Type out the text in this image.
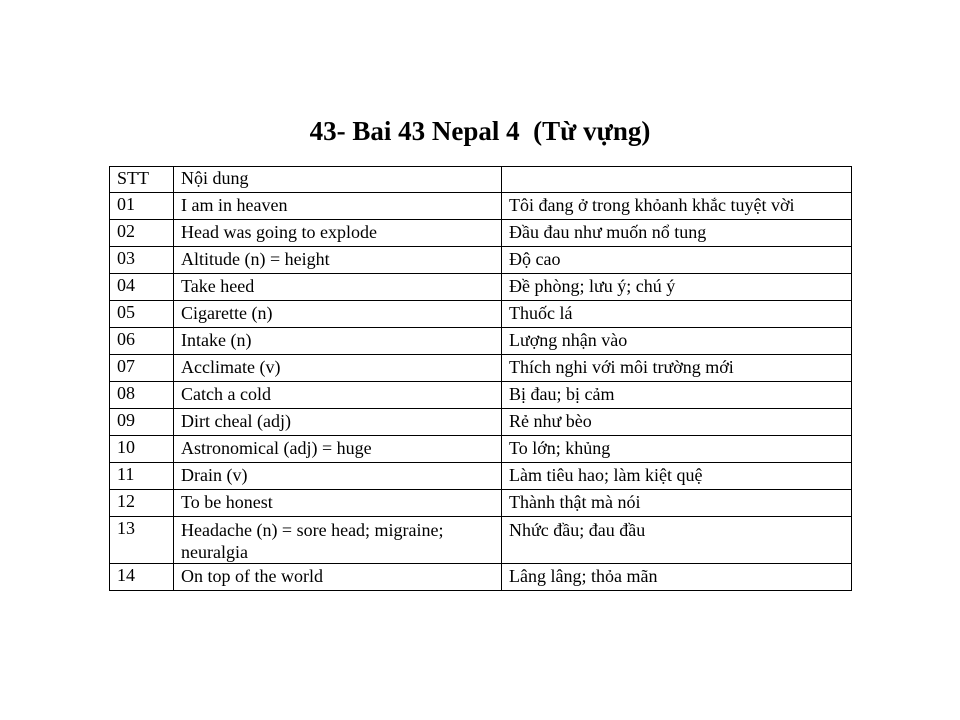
43- Bai 43 Nepal 4  (Từ vựng)
STT	Nội dung	
01	I am in heaven	Tôi đang ở trong khỏanh khắc tuyệt vời
02	Head was going to explode	Đầu đau như muốn nổ tung
03	Altitude (n) = height	Độ cao
04	Take heed	Đề phòng; lưu ý; chú ý
05	Cigarette (n)	Thuốc lá
06	Intake (n)	Lượng nhận vào
07	Acclimate (v)	Thích nghi với môi trường mới
08	Catch a cold	Bị đau; bị cảm
09	Dirt cheal (adj)	Rẻ như bèo
10	Astronomical (adj) = huge	To lớn; khủng
11	Drain (v)	Làm tiêu hao; làm kiệt quệ
12	To be honest	Thành thật mà nói
13	Headache (n) = sore head; migraine; neuralgia	Nhức đầu; đau đầu
14	On top of the world	Lâng lâng; thỏa mãn
